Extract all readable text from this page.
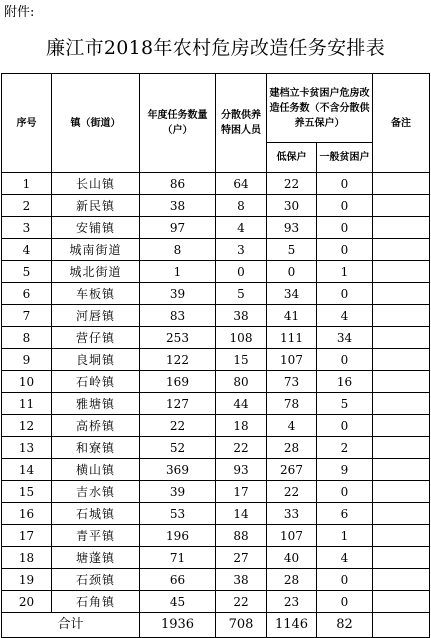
附件:
廉江市2018年农村危房改造任务安排表
序号	镇（街道）	年度任务数量（户）	分散供养特困人员	建档立卡贫困户危房改造任务数（不含分散供养五保户）		备注
				低保户	一般贫困户	
1	长山镇	86	64	22	0	
2	新民镇	38	8	30	0	
3	安铺镇	97	4	93	0	
4	城南街道	8	3	5	0	
5	城北街道	1	0	0	1	
6	车板镇	39	5	34	0	
7	河唇镇	83	38	41	4	
8	营仔镇	253	108	111	34	
9	良垌镇	122	15	107	0	
10	石岭镇	169	80	73	16	
11	雅塘镇	127	44	78	5	
12	高桥镇	22	18	4	0	
13	和寮镇	52	22	28	2	
14	横山镇	369	93	267	9	
15	吉水镇	39	17	22	0	
16	石城镇	53	14	33	6	
17	青平镇	196	88	107	1	
18	塘蓬镇	71	27	40	4	
19	石颈镇	66	38	28	0	
20	石角镇	45	22	23	0	
合计		1936	708	1146	82	
